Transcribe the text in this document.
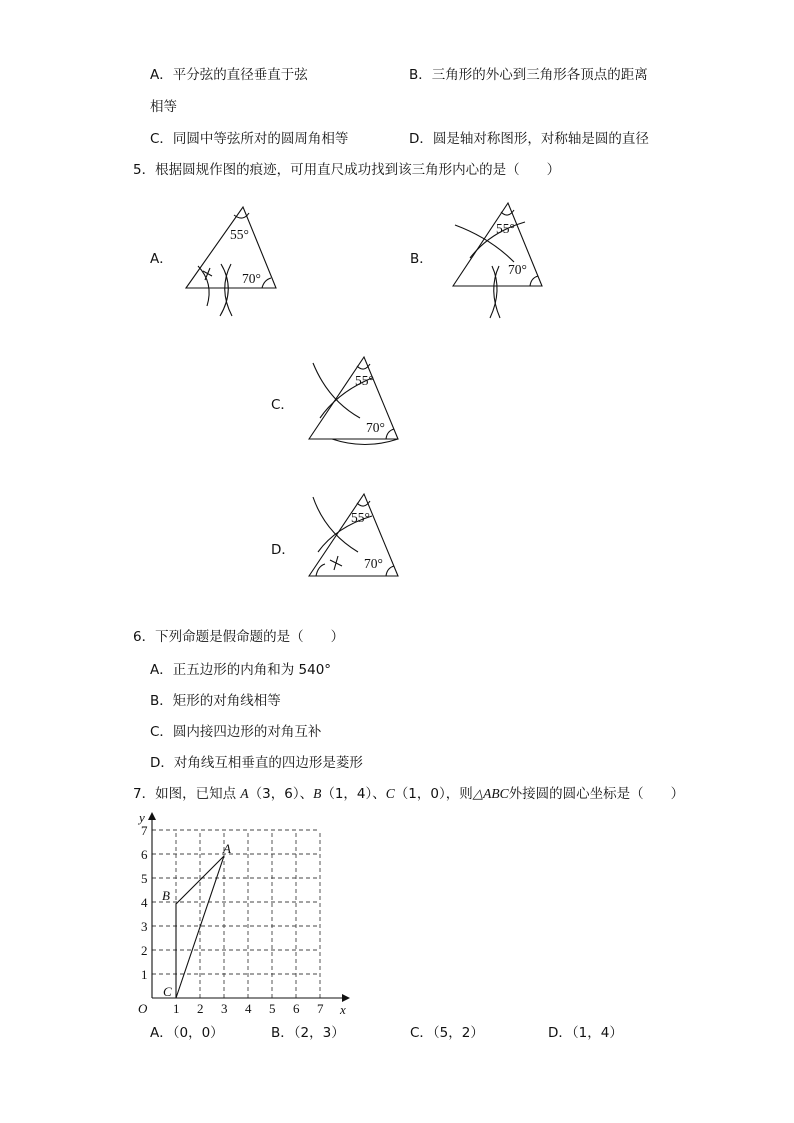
A．平分弦的直径垂直于弦	B．三角形的外心到三角形各顶点的距离
相等
C．同圆中等弦所对的圆周角相等	D．圆是轴对称图形，对称轴是圆的直径
5．根据圆规作图的痕迹，可用直尺成功找到该三角形内心的是（　　）
A．
55°
70°
B．
55°
70°
C．
55°
70°
D．
55°
70°
6．下列命题是假命题的是（　　）
A．正五边形的内角和为 540°
B．矩形的对角线相等
C．圆内接四边形的对角互补
D．对角线互相垂直的四边形是菱形
7．如图，已知点 A（3，6）、B（1，4）、C（1，0），则△ABC外接圆的圆心坐标是（　　）
x
y
O 1
1
2
2
3
3
4
4
5
5
6
6
7
7
A
B
C
A．（0，0）	B．（2，3）	C．（5，2）	D．（1，4）
